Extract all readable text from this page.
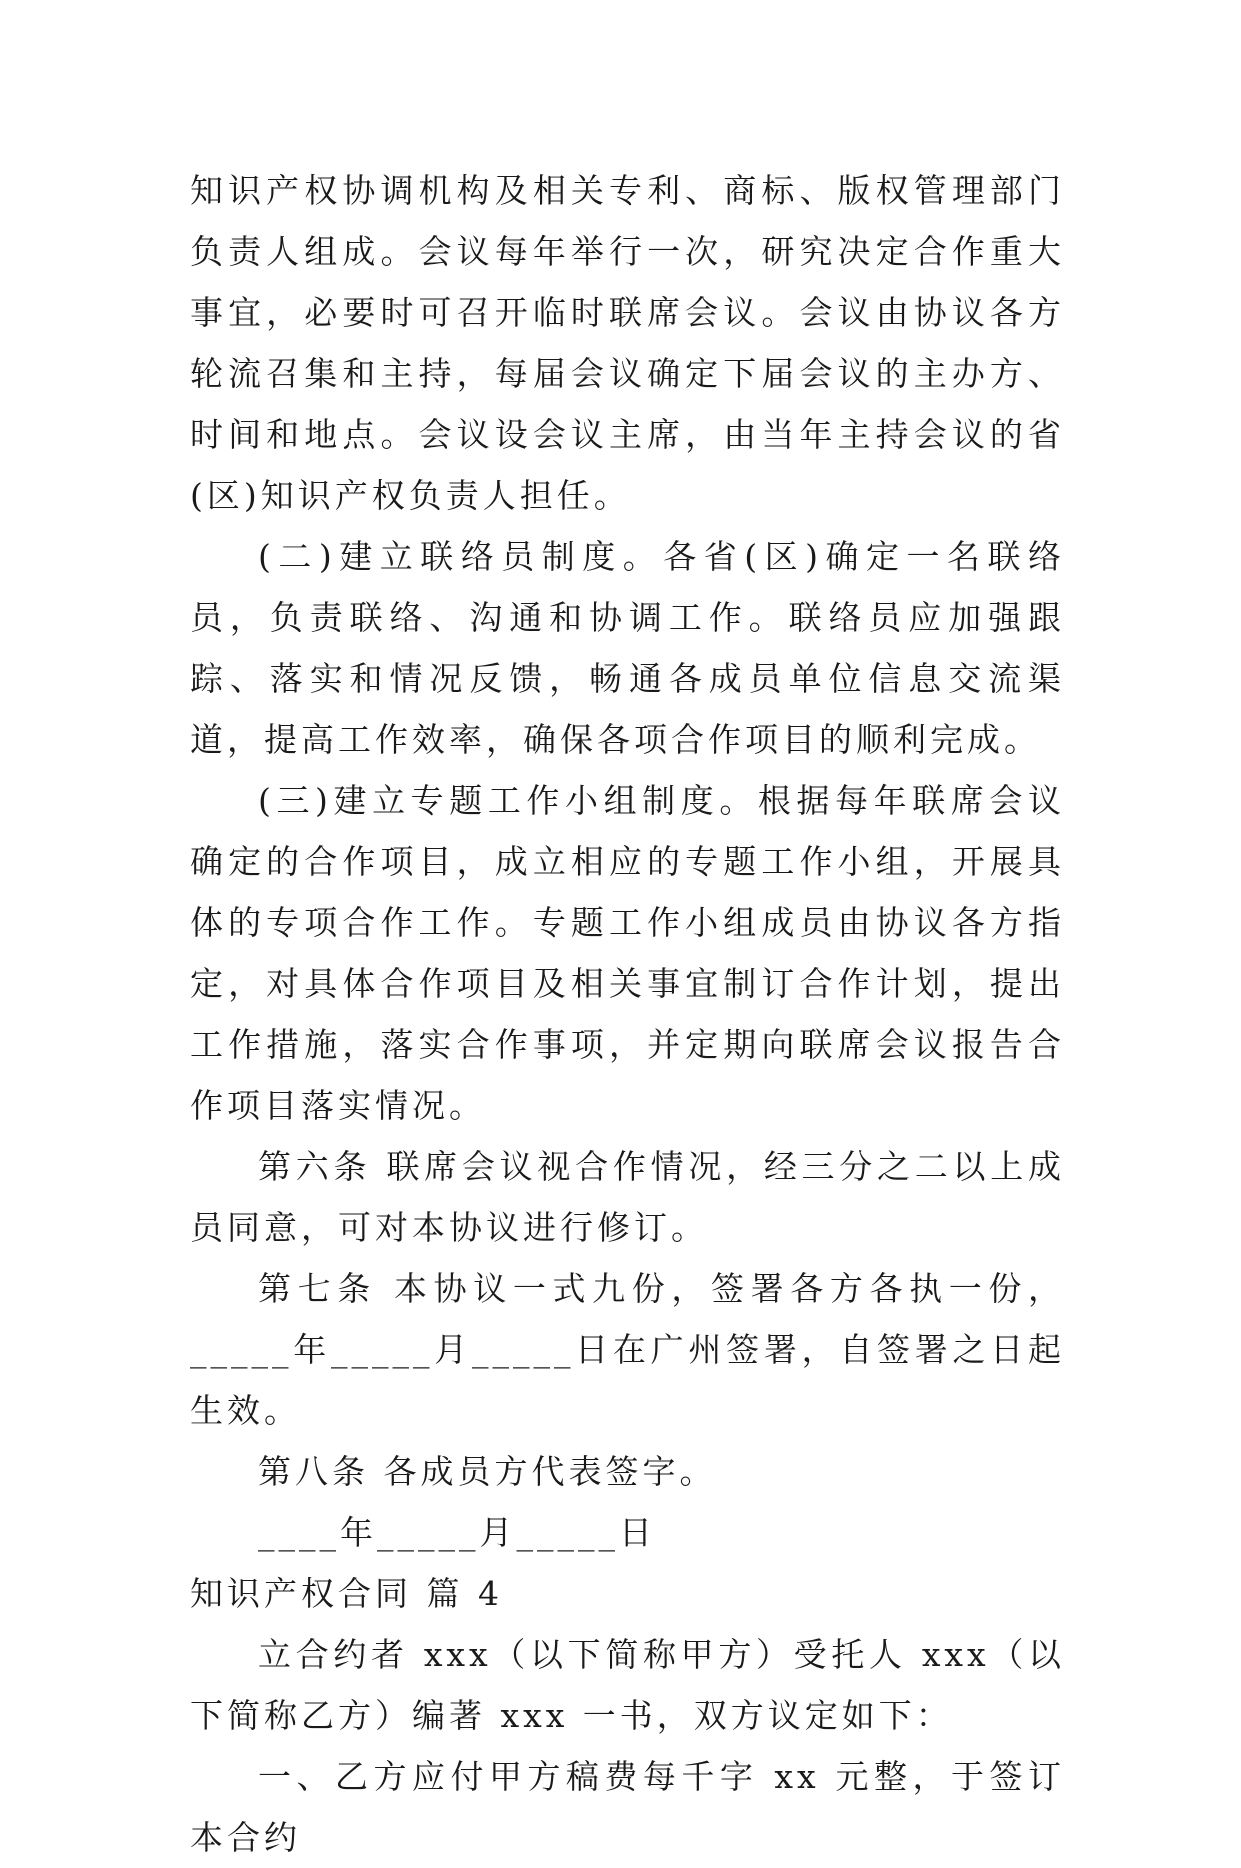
知识产权协调机构及相关专利、商标、版权管理部门负责人组成。会议每年举行一次，研究决定合作重大事宜，必要时可召开临时联席会议。会议由协议各方轮流召集和主持，每届会议确定下届会议的主办方、时间和地点。会议设会议主席，由当年主持会议的省(区)知识产权负责人担任。

(二)建立联络员制度。各省(区)确定一名联络员，负责联络、沟通和协调工作。联络员应加强跟踪、落实和情况反馈，畅通各成员单位信息交流渠道，提高工作效率，确保各项合作项目的顺利完成。

(三)建立专题工作小组制度。根据每年联席会议确定的合作项目，成立相应的专题工作小组，开展具体的专项合作工作。专题工作小组成员由协议各方指定，对具体合作项目及相关事宜制订合作计划，提出工作措施，落实合作事项，并定期向联席会议报告合作项目落实情况。

第六条 联席会议视合作情况，经三分之二以上成员同意，可对本协议进行修订。

第七条 本协议一式九份，签署各方各执一份，_____年_____月_____日在广州签署，自签署之日起生效。

第八条 各成员方代表签字。

____年_____月_____日

知识产权合同 篇 4

立合约者 xxx（以下简称甲方）受托人 xxx（以下简称乙方）编著 xxx 一书，双方议定如下：

一、乙方应付甲方稿费每千字 xx 元整，于签订本合约
